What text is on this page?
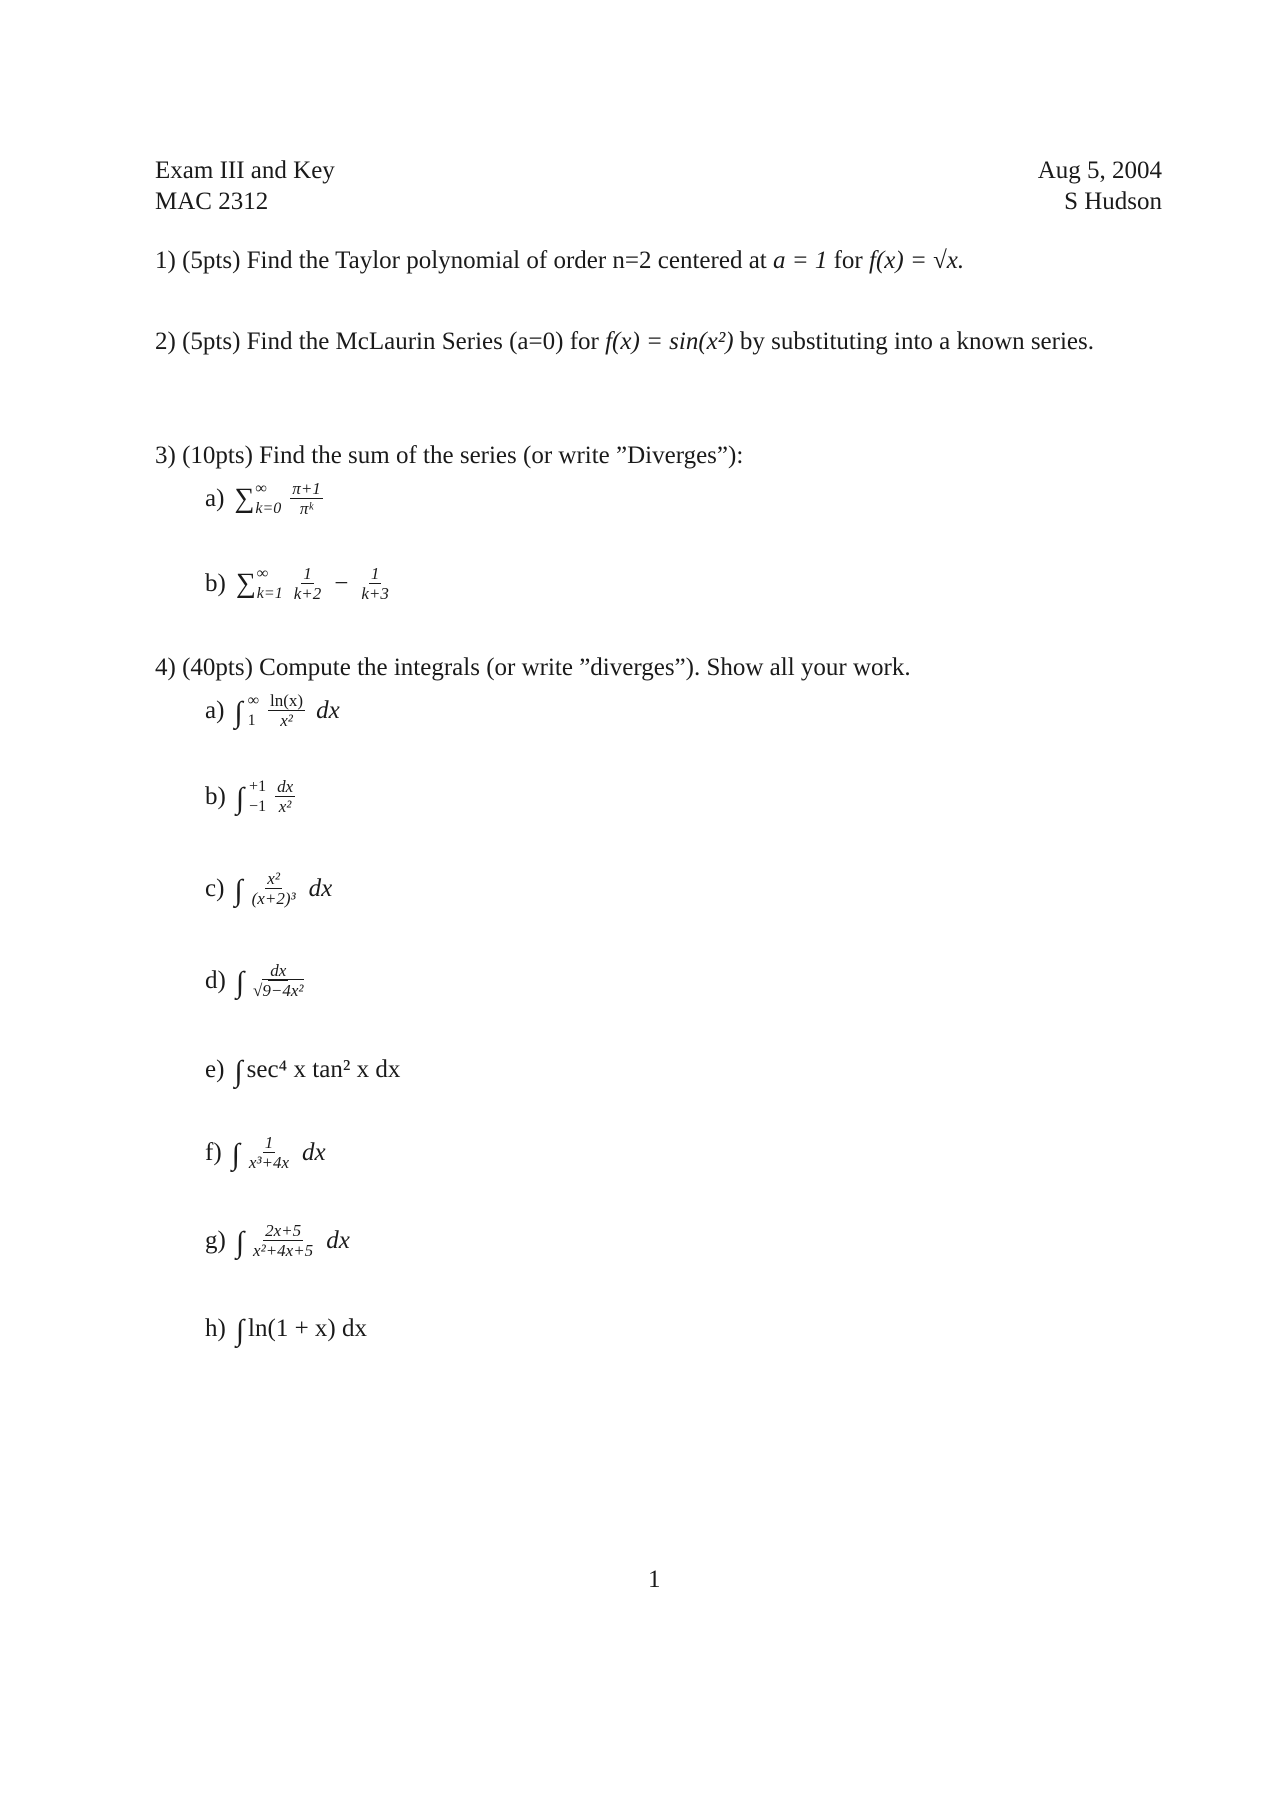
Exam III and Key
MAC 2312
Aug 5, 2004
S Hudson
1) (5pts) Find the Taylor polynomial of order n=2 centered at a = 1 for f(x) = √x.
2) (5pts) Find the McLaurin Series (a=0) for f(x) = sin(x²) by substituting into a known series.
3) (10pts) Find the sum of the series (or write ”Diverges”):
a) ∑ ∞
$k=0 \frac{\pi+1}{\text{πᵏ}}$
b) ∑ ∞
$k=1 \frac{1}{k+2} - \frac{1}{k+3}$
4) (40pts) Compute the integrals (or write ”diverges”). Show all your work.
a) ∫ ∞
$1 \frac{\ln(x)}{\text{x²}}$ dx
b) ∫ +1
$-1 \frac{dx}{\text{x²}}$
c) ∫ $\frac{\text{x²}}{\text{(x+2)³}}$ dx
d) ∫ $\frac{dx}{\text{√9−4x²}}$
e) ∫ sec⁴ x tan² x dx
f) ∫ $\frac{1}{\text{x³+4x}}$ dx
g) ∫ $\frac{2x+5}{\text{x²+4x+5}}$ dx
h) ∫ ln(1 + x) dx
1
